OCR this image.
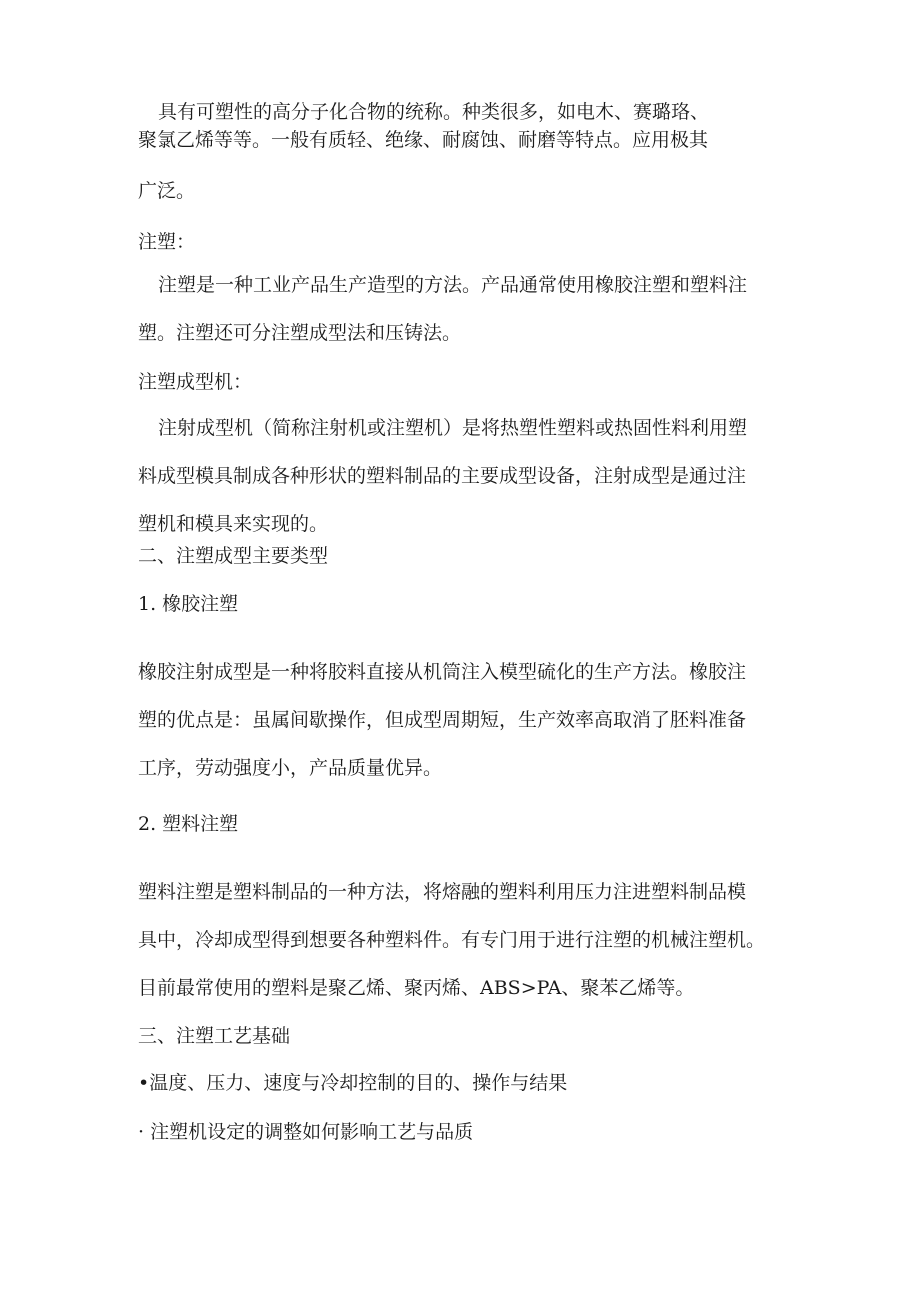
具有可塑性的高分子化合物的统称。种类很多，如电木、赛璐珞、
聚氯乙烯等等。一般有质轻、绝缘、耐腐蚀、耐磨等特点。应用极其
广泛。
注塑：
注塑是一种工业产品生产造型的方法。产品通常使用橡胶注塑和塑料注
塑。注塑还可分注塑成型法和压铸法。
注塑成型机：
注射成型机（简称注射机或注塑机）是将热塑性塑料或热固性料利用塑
料成型模具制成各种形状的塑料制品的主要成型设备，注射成型是通过注
塑机和模具来实现的。
二、注塑成型主要类型
1. 橡胶注塑
橡胶注射成型是一种将胶料直接从机筒注入模型硫化的生产方法。橡胶注
塑的优点是：虽属间歇操作，但成型周期短，生产效率高取消了胚料准备
工序，劳动强度小，产品质量优异。
2. 塑料注塑
塑料注塑是塑料制品的一种方法，将熔融的塑料利用压力注进塑料制品模
具中，冷却成型得到想要各种塑料件。有专门用于进行注塑的机械注塑机。
目前最常使用的塑料是聚乙烯、聚丙烯、ABS>PA、聚苯乙烯等。
三、注塑工艺基础
•温度、压力、速度与冷却控制的目的、操作与结果
· 注塑机设定的调整如何影响工艺与品质
